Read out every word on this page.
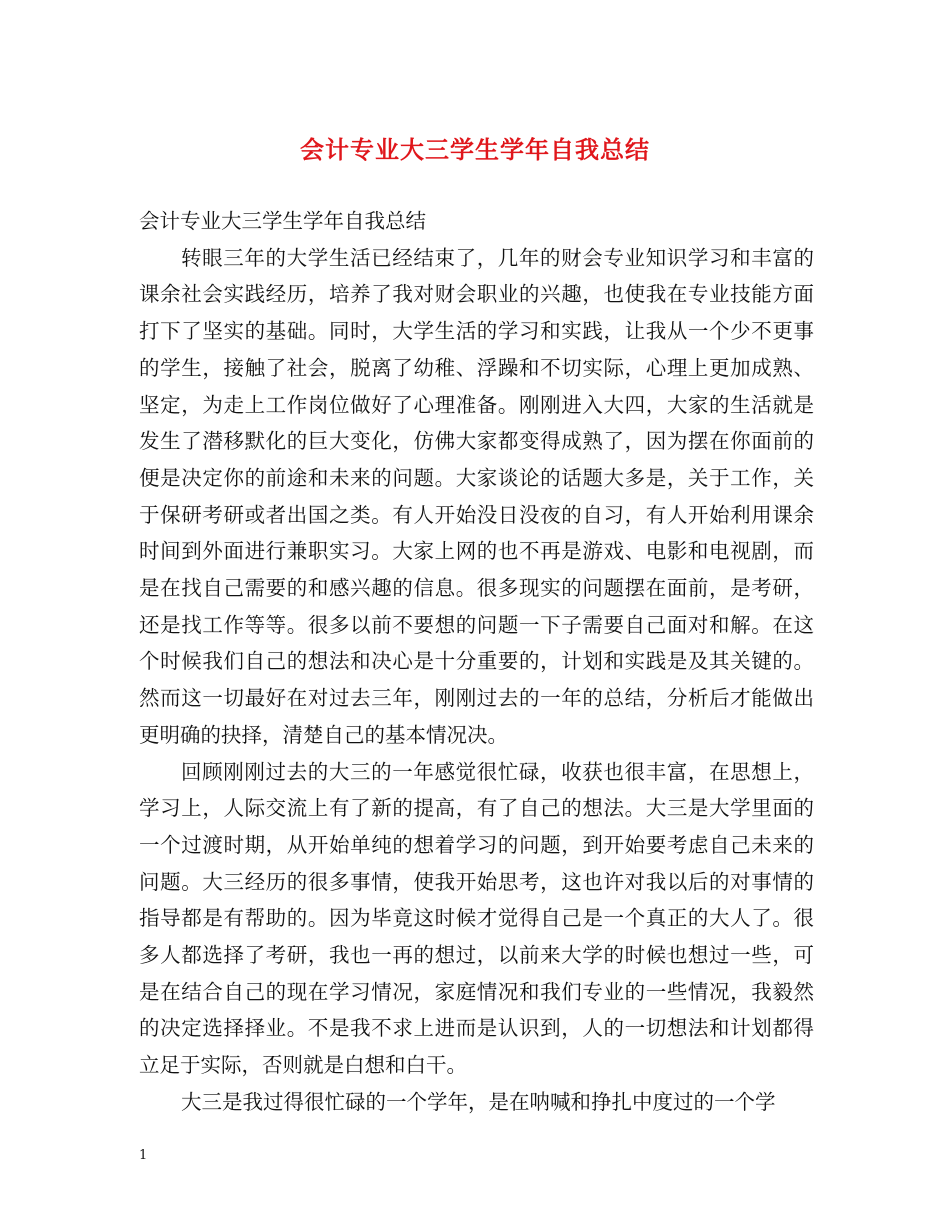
会计专业大三学生学年自我总结

会计专业大三学生学年自我总结

转眼三年的大学生活已经结束了，几年的财会专业知识学习和丰富的课余社会实践经历，培养了我对财会职业的兴趣，也使我在专业技能方面打下了坚实的基础。同时，大学生活的学习和实践，让我从一个少不更事的学生，接触了社会，脱离了幼稚、浮躁和不切实际，心理上更加成熟、坚定，为走上工作岗位做好了心理准备。刚刚进入大四，大家的生活就是发生了潜移默化的巨大变化，仿佛大家都变得成熟了，因为摆在你面前的便是决定你的前途和未来的问题。大家谈论的话题大多是，关于工作，关于保研考研或者出国之类。有人开始没日没夜的自习，有人开始利用课余时间到外面进行兼职实习。大家上网的也不再是游戏、电影和电视剧，而是在找自己需要的和感兴趣的信息。很多现实的问题摆在面前，是考研，还是找工作等等。很多以前不要想的问题一下子需要自己面对和解。在这个时候我们自己的想法和决心是十分重要的，计划和实践是及其关键的。然而这一切最好在对过去三年，刚刚过去的一年的总结，分析后才能做出更明确的抉择，清楚自己的基本情况决。

回顾刚刚过去的大三的一年感觉很忙碌，收获也很丰富，在思想上，学习上，人际交流上有了新的提高，有了自己的想法。大三是大学里面的一个过渡时期，从开始单纯的想着学习的问题，到开始要考虑自己未来的问题。大三经历的很多事情，使我开始思考，这也许对我以后的对事情的指导都是有帮助的。因为毕竟这时候才觉得自己是一个真正的大人了。很多人都选择了考研，我也一再的想过，以前来大学的时候也想过一些，可是在结合自己的现在学习情况，家庭情况和我们专业的一些情况，我毅然的决定选择择业。不是我不求上进而是认识到，人的一切想法和计划都得立足于实际，否则就是白想和白干。

大三是我过得很忙碌的一个学年，是在呐喊和挣扎中度过的一个学

1
